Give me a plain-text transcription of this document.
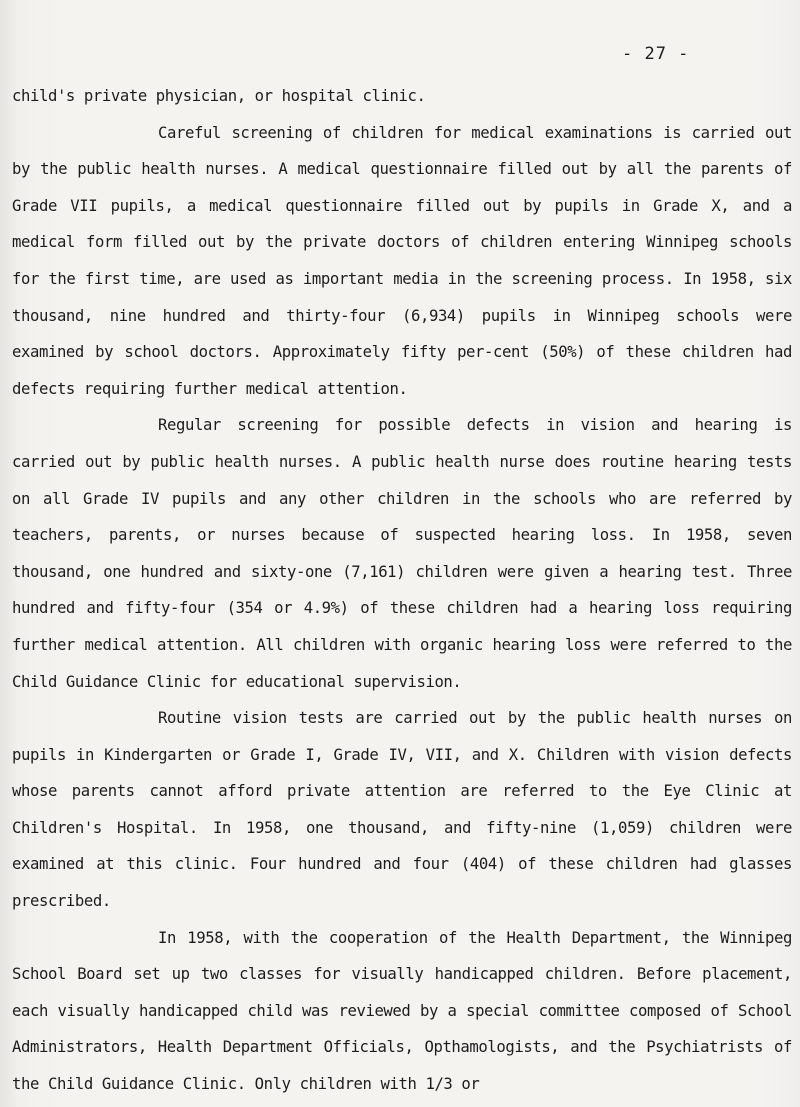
- 27 -

child's private physician, or hospital clinic.

Careful screening of children for medical examinations is carried out by the public health nurses. A medical questionnaire filled out by all the parents of Grade VII pupils, a medical questionnaire filled out by pupils in Grade X, and a medical form filled out by the private doctors of children entering Winnipeg schools for the first time, are used as important media in the screening process. In 1958, six thousand, nine hundred and thirty-four (6,934) pupils in Winnipeg schools were examined by school doctors. Approximately fifty per-cent (50%) of these children had defects requiring further medical attention.

Regular screening for possible defects in vision and hearing is carried out by public health nurses. A public health nurse does routine hearing tests on all Grade IV pupils and any other children in the schools who are referred by teachers, parents, or nurses because of suspected hearing loss. In 1958, seven thousand, one hundred and sixty-one (7,161) children were given a hearing test. Three hundred and fifty-four (354 or 4.9%) of these children had a hearing loss requiring further medical attention. All children with organic hearing loss were referred to the Child Guidance Clinic for educational supervision.

Routine vision tests are carried out by the public health nurses on pupils in Kindergarten or Grade I, Grade IV, VII, and X. Children with vision defects whose parents cannot afford private attention are referred to the Eye Clinic at Children's Hospital. In 1958, one thousand, and fifty-nine (1,059) children were examined at this clinic. Four hundred and four (404) of these children had glasses prescribed.

In 1958, with the cooperation of the Health Department, the Winnipeg School Board set up two classes for visually handicapped children. Before placement, each visually handicapped child was reviewed by a special committee composed of School Administrators, Health Department Officials, Opthamologists, and the Psychiatrists of the Child Guidance Clinic. Only children with 1/3 or
